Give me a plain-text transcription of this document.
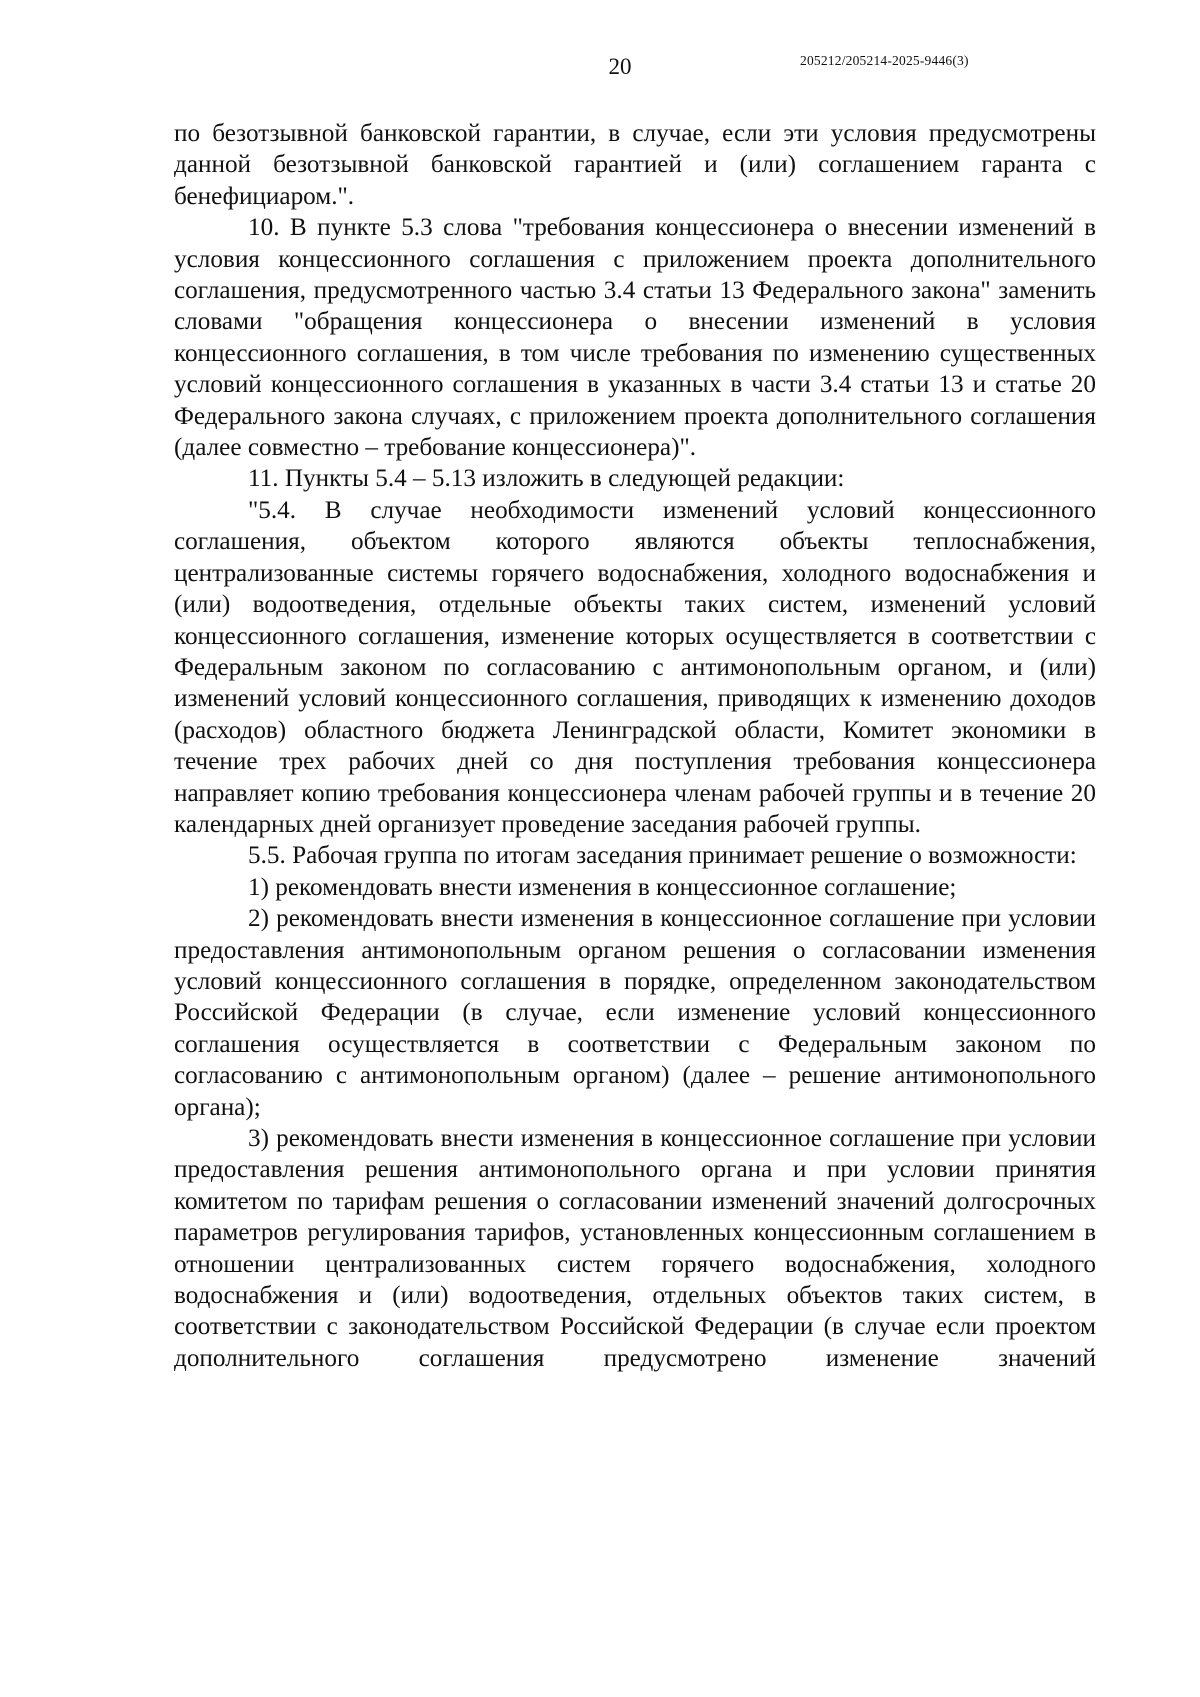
20	205212/205214-2025-9446(3)

по безотзывной банковской гарантии, в случае, если эти условия предусмотрены данной безотзывной банковской гарантией и (или) соглашением гаранта с бенефициаром.".

10. В пункте 5.3 слова "требования концессионера о внесении изменений в условия концессионного соглашения с приложением проекта дополнительного соглашения, предусмотренного частью 3.4 статьи 13 Федерального закона" заменить словами "обращения концессионера о внесении изменений в условия концессионного соглашения, в том числе требования по изменению существенных условий концессионного соглашения в указанных в части 3.4 статьи 13 и статье 20 Федерального закона случаях, с приложением проекта дополнительного соглашения (далее совместно – требование концессионера)".

11. Пункты 5.4 – 5.13 изложить в следующей редакции:

"5.4. В случае необходимости изменений условий концессионного соглашения, объектом которого являются объекты теплоснабжения, централизованные системы горячего водоснабжения, холодного водоснабжения и (или) водоотведения, отдельные объекты таких систем, изменений условий концессионного соглашения, изменение которых осуществляется в соответствии с Федеральным законом по согласованию с антимонопольным органом, и (или) изменений условий концессионного соглашения, приводящих к изменению доходов (расходов) областного бюджета Ленинградской области, Комитет экономики в течение трех рабочих дней со дня поступления требования концессионера направляет копию требования концессионера членам рабочей группы и в течение 20 календарных дней организует проведение заседания рабочей группы.

5.5. Рабочая группа по итогам заседания принимает решение о возможности:

1) рекомендовать внести изменения в концессионное соглашение;

2) рекомендовать внести изменения в концессионное соглашение при условии предоставления антимонопольным органом решения о согласовании изменения условий концессионного соглашения в порядке, определенном законодательством Российской Федерации (в случае, если изменение условий концессионного соглашения осуществляется в соответствии с Федеральным законом по согласованию с антимонопольным органом) (далее – решение антимонопольного органа);

3) рекомендовать внести изменения в концессионное соглашение при условии предоставления решения антимонопольного органа и при условии принятия комитетом по тарифам решения о согласовании изменений значений долгосрочных параметров регулирования тарифов, установленных концессионным соглашением в отношении централизованных систем горячего водоснабжения, холодного водоснабжения и (или) водоотведения, отдельных объектов таких систем, в соответствии с законодательством Российской Федерации (в случае если проектом дополнительного соглашения предусмотрено изменение значений
